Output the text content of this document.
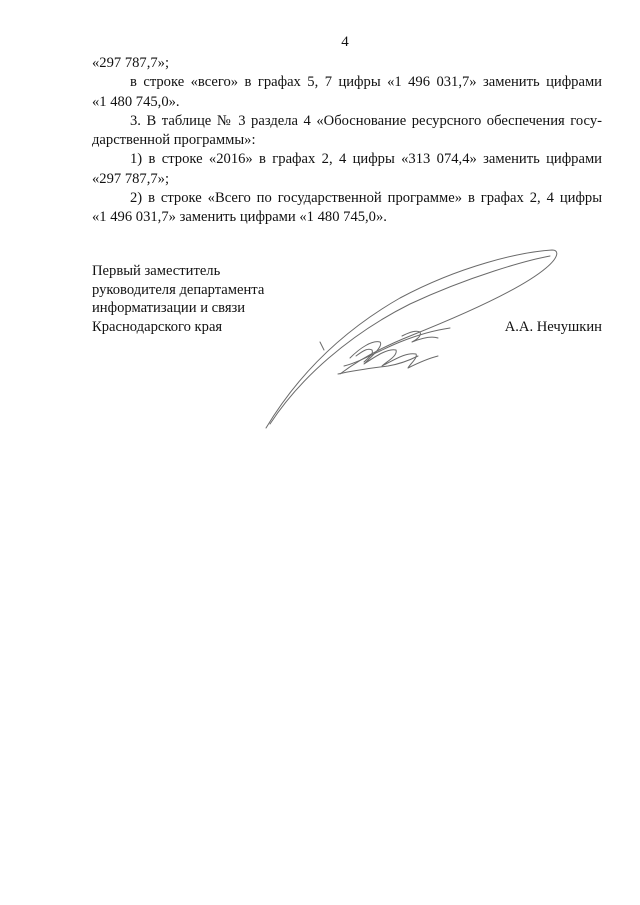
4
«297 787,7»;
в строке «всего» в графах 5, 7 цифры «1 496 031,7» заменить цифрами
«1 480 745,0».
3. В таблице № 3 раздела 4 «Обоснование ресурсного обеспечения госу-
дарственной программы»:
1) в строке «2016» в графах 2, 4 цифры «313 074,4» заменить цифрами
«297 787,7»;
2) в строке «Всего по государственной программе» в графах 2, 4 цифры
«1 496 031,7» заменить цифрами «1 480 745,0».
Первый заместитель
руководителя департамента
информатизации и связи
Краснодарского края	А.А. Нечушкин
